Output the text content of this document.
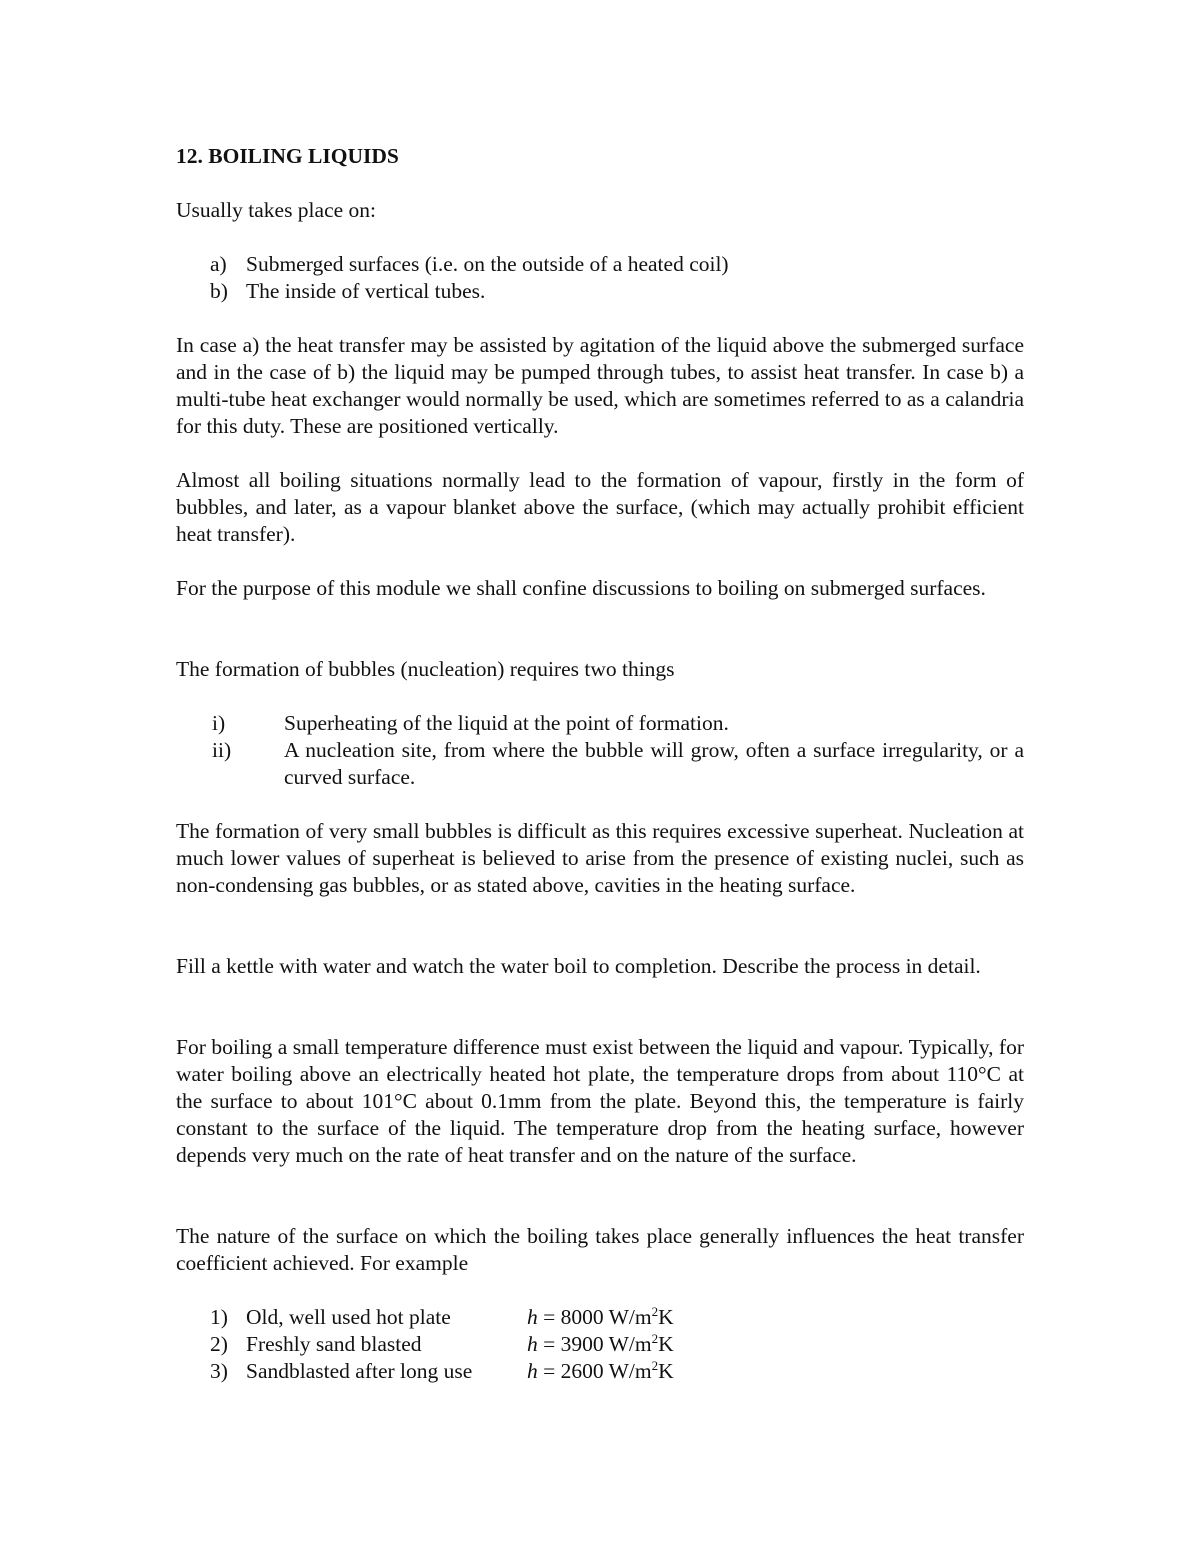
12. BOILING LIQUIDS

Usually takes place on:

a) Submerged surfaces (i.e. on the outside of a heated coil)
b) The inside of vertical tubes.

In case a) the heat transfer may be assisted by agitation of the liquid above the submerged surface and in the case of b) the liquid may be pumped through tubes, to assist heat transfer. In case b) a multi-tube heat exchanger would normally be used, which are sometimes referred to as a calandria for this duty. These are positioned vertically.

Almost all boiling situations normally lead to the formation of vapour, firstly in the form of bubbles, and later, as a vapour blanket above the surface, (which may actually prohibit efficient heat transfer).

For the purpose of this module we shall confine discussions to boiling on submerged surfaces.

The formation of bubbles (nucleation) requires two things

i)	Superheating of the liquid at the point of formation.
ii)	A nucleation site, from where the bubble will grow, often a surface irregularity, or a curved surface.

The formation of very small bubbles is difficult as this requires excessive superheat. Nucleation at much lower values of superheat is believed to arise from the presence of existing nuclei, such as non-condensing gas bubbles, or as stated above, cavities in the heating surface.

Fill a kettle with water and watch the water boil to completion. Describe the process in detail.

For boiling a small temperature difference must exist between the liquid and vapour. Typically, for water boiling above an electrically heated hot plate, the temperature drops from about 110°C at the surface to about 101°C about 0.1mm from the plate. Beyond this, the temperature is fairly constant to the surface of the liquid. The temperature drop from the heating surface, however depends very much on the rate of heat transfer and on the nature of the surface.

The nature of the surface on which the boiling takes place generally influences the heat transfer coefficient achieved. For example

1) Old, well used hot plate	h = 8000 $W/m^2K$
2) Freshly sand blasted	h = 3900 $W/m^2K$
3) Sandblasted after long use	h = 2600 $W/m^2K$
